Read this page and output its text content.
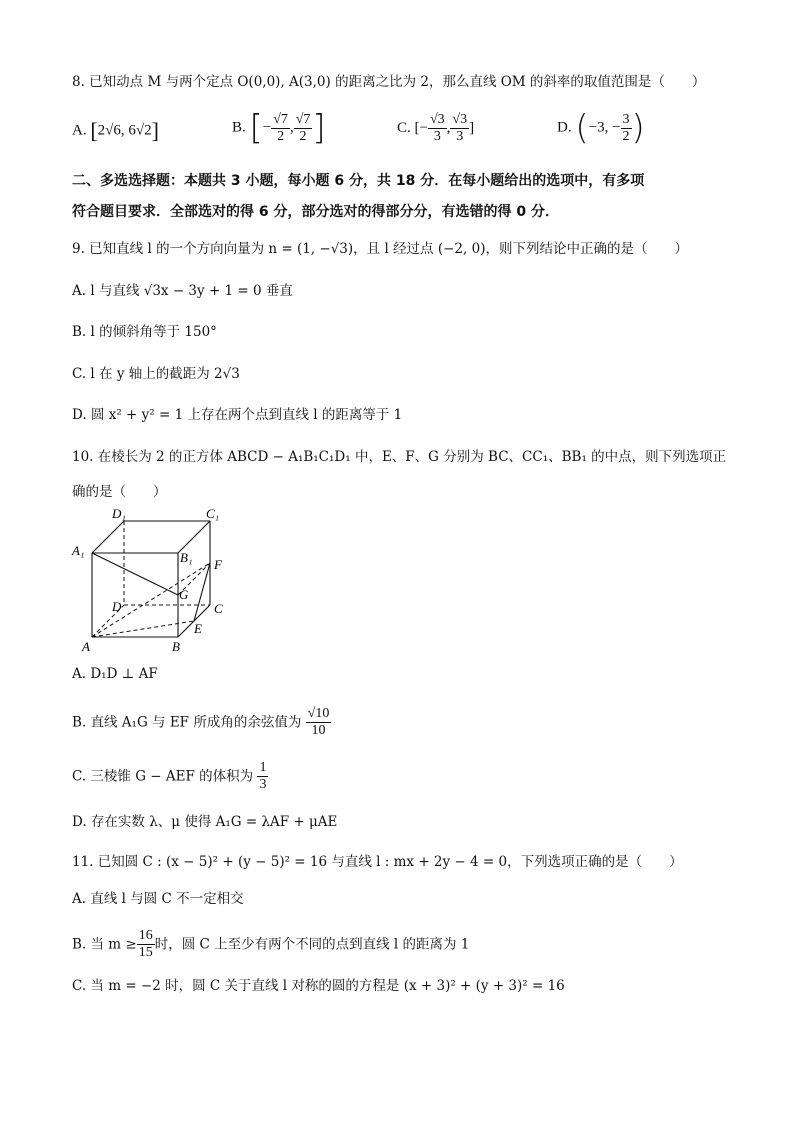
8. 已知动点 M 与两个定点 O(0,0), A(3,0) 的距离之比为 2，那么直线 OM 的斜率的取值范围是（　　）
A. [2√6, 6√2]	B. [− $\frac{√7}{2}$ , $\frac{√7}{2}$ ]	C. [− $\frac{√3}{3}$ , $\frac{√3}{3}$ ]	D. (−3, − $\frac{3}{2}$ )
二、多选选择题：本题共 3 小题，每小题 6 分，共 18 分．在每小题给出的选项中，有多项
符合题目要求．全部选对的得 6 分，部分选对的得部分分，有选错的得 0 分．
9. 已知直线 l 的一个方向向量为 n = (1, −√3)，且 l 经过点 (−2, 0)，则下列结论中正确的是（　　）
A. l 与直线 √3x − 3y + 1 = 0 垂直
B. l 的倾斜角等于 150°
C. l 在 y 轴上的截距为 2√3
D. 圆 x² + y² = 1 上存在两个点到直线 l 的距离等于 1
10. 在棱长为 2 的正方体 ABCD − A₁B₁C₁D₁ 中，E、F、G 分别为 BC、CC₁、BB₁ 的中点，则下列选项正
确的是（　　）
D₁	C₁
A₁	B₁ F
G
D	C
E
A	B
A. D₁D ⊥ AF
B. 直线 A₁G 与 EF 所成角的余弦值为 $\frac{√10}{10}$
C. 三棱锥 G − AEF 的体积为 $\frac{1}{3}$
D. 存在实数 λ、μ 使得 A₁G = λAF + μAE
11. 已知圆 C : (x − 5)² + (y − 5)² = 16 与直线 l : mx + 2y − 4 = 0，下列选项正确的是（　　）
A. 直线 l 与圆 C 不一定相交
B. 当 $m \ge \frac{16}{15}$ 时，圆 C 上至少有两个不同的点到直线 l 的距离为 1
C. 当 m = −2 时，圆 C 关于直线 l 对称的圆的方程是 (x + 3)² + (y + 3)² = 16
